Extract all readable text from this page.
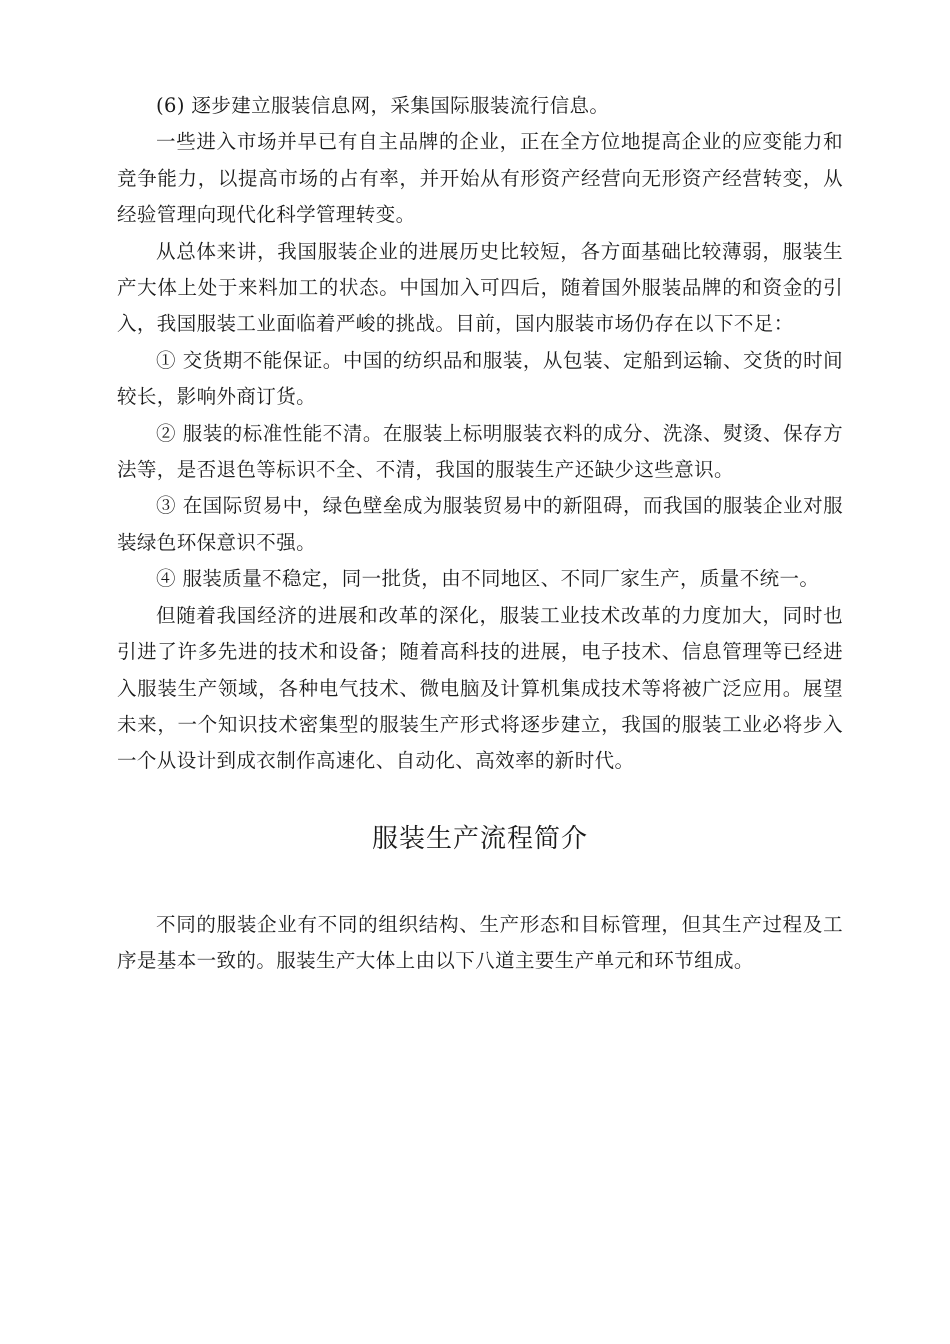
(6) 逐步建立服装信息网，采集国际服装流行信息。

一些进入市场并早已有自主品牌的企业，正在全方位地提高企业的应变能力和竞争能力，以提高市场的占有率，并开始从有形资产经营向无形资产经营转变，从经验管理向现代化科学管理转变。

从总体来讲，我国服装企业的进展历史比较短，各方面基础比较薄弱，服装生产大体上处于来料加工的状态。中国加入可四后，随着国外服装品牌的和资金的引入，我国服装工业面临着严峻的挑战。目前，国内服装市场仍存在以下不足：

① 交货期不能保证。中国的纺织品和服装，从包装、定船到运输、交货的时间较长，影响外商订货。

② 服装的标准性能不清。在服装上标明服装衣料的成分、洗涤、熨烫、保存方法等，是否退色等标识不全、不清，我国的服装生产还缺少这些意识。

③ 在国际贸易中，绿色壁垒成为服装贸易中的新阻碍，而我国的服装企业对服装绿色环保意识不强。

④ 服装质量不稳定，同一批货，由不同地区、不同厂家生产，质量不统一。

但随着我国经济的进展和改革的深化，服装工业技术改革的力度加大，同时也引进了许多先进的技术和设备；随着高科技的进展，电子技术、信息管理等已经进入服装生产领域，各种电气技术、微电脑及计算机集成技术等将被广泛应用。展望未来，一个知识技术密集型的服装生产形式将逐步建立，我国的服装工业必将步入一个从设计到成衣制作高速化、自动化、高效率的新时代。

服装生产流程简介

不同的服装企业有不同的组织结构、生产形态和目标管理，但其生产过程及工序是基本一致的。服装生产大体上由以下八道主要生产单元和环节组成。
